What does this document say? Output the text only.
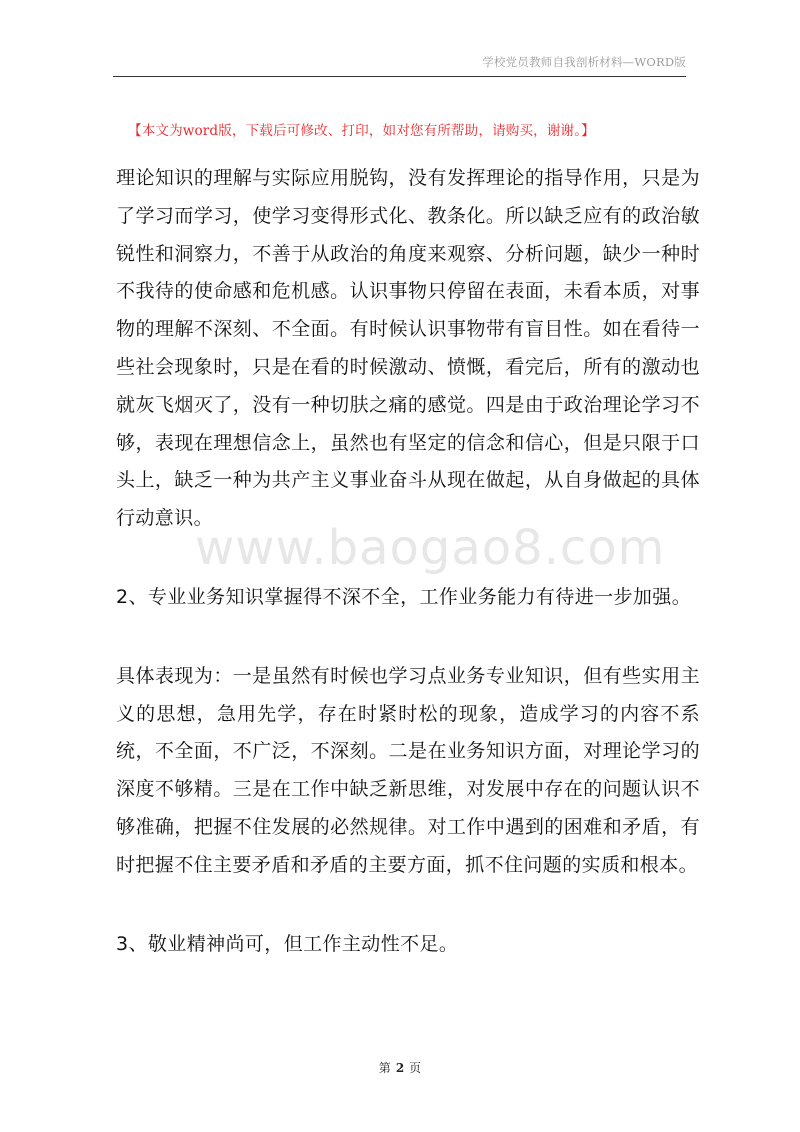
学校党员教师自我剖析材料—WORD版
【本文为word版，下载后可修改、打印，如对您有所帮助，请购买，谢谢。】

理论知识的理解与实际应用脱钩，没有发挥理论的指导作用，只是为了学习而学习，使学习变得形式化、教条化。所以缺乏应有的政治敏锐性和洞察力，不善于从政治的角度来观察、分析问题，缺少一种时不我待的使命感和危机感。认识事物只停留在表面，未看本质，对事物的理解不深刻、不全面。有时候认识事物带有盲目性。如在看待一些社会现象时，只是在看的时候激动、愤慨，看完后，所有的激动也就灰飞烟灭了，没有一种切肤之痛的感觉。四是由于政治理论学习不够，表现在理想信念上，虽然也有坚定的信念和信心，但是只限于口头上，缺乏一种为共产主义事业奋斗从现在做起，从自身做起的具体行动意识。

2、专业业务知识掌握得不深不全，工作业务能力有待进一步加强。

具体表现为：一是虽然有时候也学习点业务专业知识，但有些实用主义的思想，急用先学，存在时紧时松的现象，造成学习的内容不系统，不全面，不广泛，不深刻。二是在业务知识方面，对理论学习的深度不够精。三是在工作中缺乏新思维，对发展中存在的问题认识不够准确，把握不住发展的必然规律。对工作中遇到的困难和矛盾，有时把握不住主要矛盾和矛盾的主要方面，抓不住问题的实质和根本。

3、敬业精神尚可，但工作主动性不足。

www.baogao8.com
第 2 页
